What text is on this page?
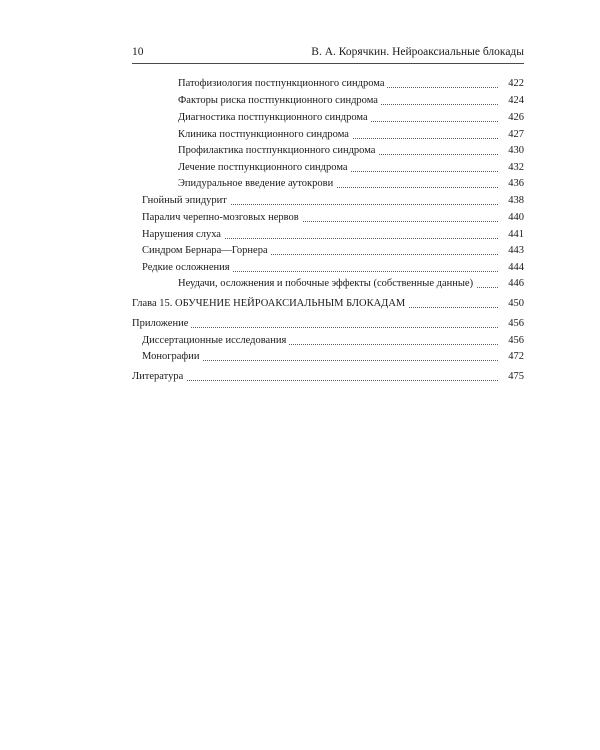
10	В. А. Корячкин. Нейроаксиальные блокады
Патофизиология постпункционного синдрома	422
Факторы риска постпункционного синдрома	424
Диагностика постпункционного синдрома	426
Клиника постпункционного синдрома	427
Профилактика постпункционного синдрома	430
Лечение постпункционного синдрома	432
Эпидуральное введение аутокрови	436
Гнойный эпидурит	438
Паралич черепно-мозговых нервов	440
Нарушения слуха	441
Синдром Бернара—Горнера	443
Редкие осложнения	444
Неудачи, осложнения и побочные эффекты (собственные данные)	446
Глава 15. ОБУЧЕНИЕ НЕЙРОАКСИАЛЬНЫМ БЛОКАДАМ	450
Приложение	456
Диссертационные исследования	456
Монографии	472
Литература	475
